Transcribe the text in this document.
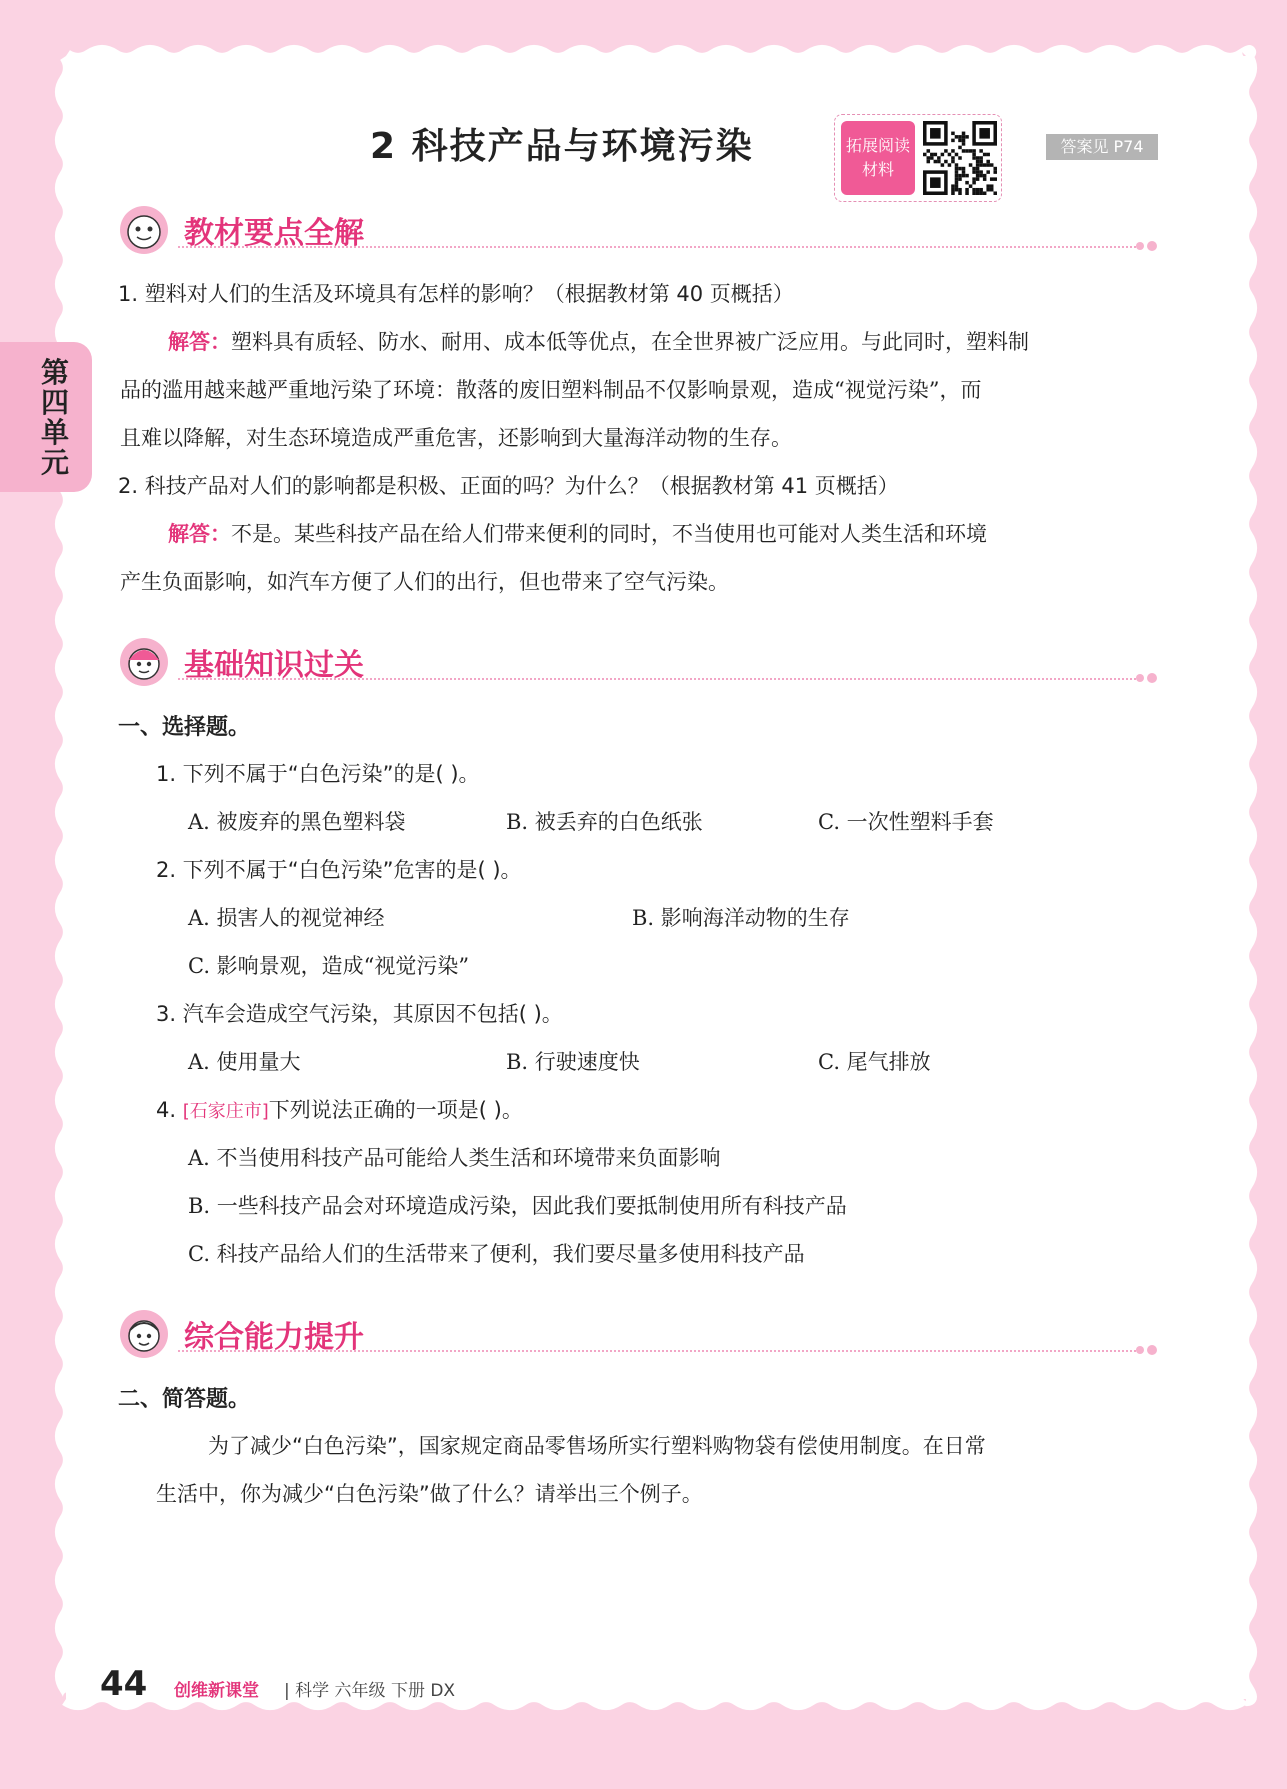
2 科技产品与环境污染	拓展阅读
材料
答案见 P74
第四单元
教材要点全解
1. 塑料对人们的生活及环境具有怎样的影响？（根据教材第 40 页概括）
解答：塑料具有质轻、防水、耐用、成本低等优点，在全世界被广泛应用。与此同时，塑料制
品的滥用越来越严重地污染了环境：散落的废旧塑料制品不仅影响景观，造成“视觉污染”，而
且难以降解，对生态环境造成严重危害，还影响到大量海洋动物的生存。
2. 科技产品对人们的影响都是积极、正面的吗？为什么？（根据教材第 41 页概括）
解答：不是。某些科技产品在给人们带来便利的同时，不当使用也可能对人类生活和环境
产生负面影响，如汽车方便了人们的出行，但也带来了空气污染。
基础知识过关
一、选择题。
1. 下列不属于“白色污染”的是( )。
A. 被废弃的黑色塑料袋	B. 被丢弃的白色纸张	C. 一次性塑料手套
2. 下列不属于“白色污染”危害的是( )。
A. 损害人的视觉神经	B. 影响海洋动物的生存
C. 影响景观，造成“视觉污染”
3. 汽车会造成空气污染，其原因不包括( )。
A. 使用量大	B. 行驶速度快	C. 尾气排放
4. [石家庄市]下列说法正确的一项是( )。
A. 不当使用科技产品可能给人类生活和环境带来负面影响
B. 一些科技产品会对环境造成污染，因此我们要抵制使用所有科技产品
C. 科技产品给人们的生活带来了便利，我们要尽量多使用科技产品
综合能力提升
二、简答题。
为了减少“白色污染”，国家规定商品零售场所实行塑料购物袋有偿使用制度。在日常
生活中，你为减少“白色污染”做了什么？请举出三个例子。
44 创维新课堂 | 科学 六年级 下册 DX
